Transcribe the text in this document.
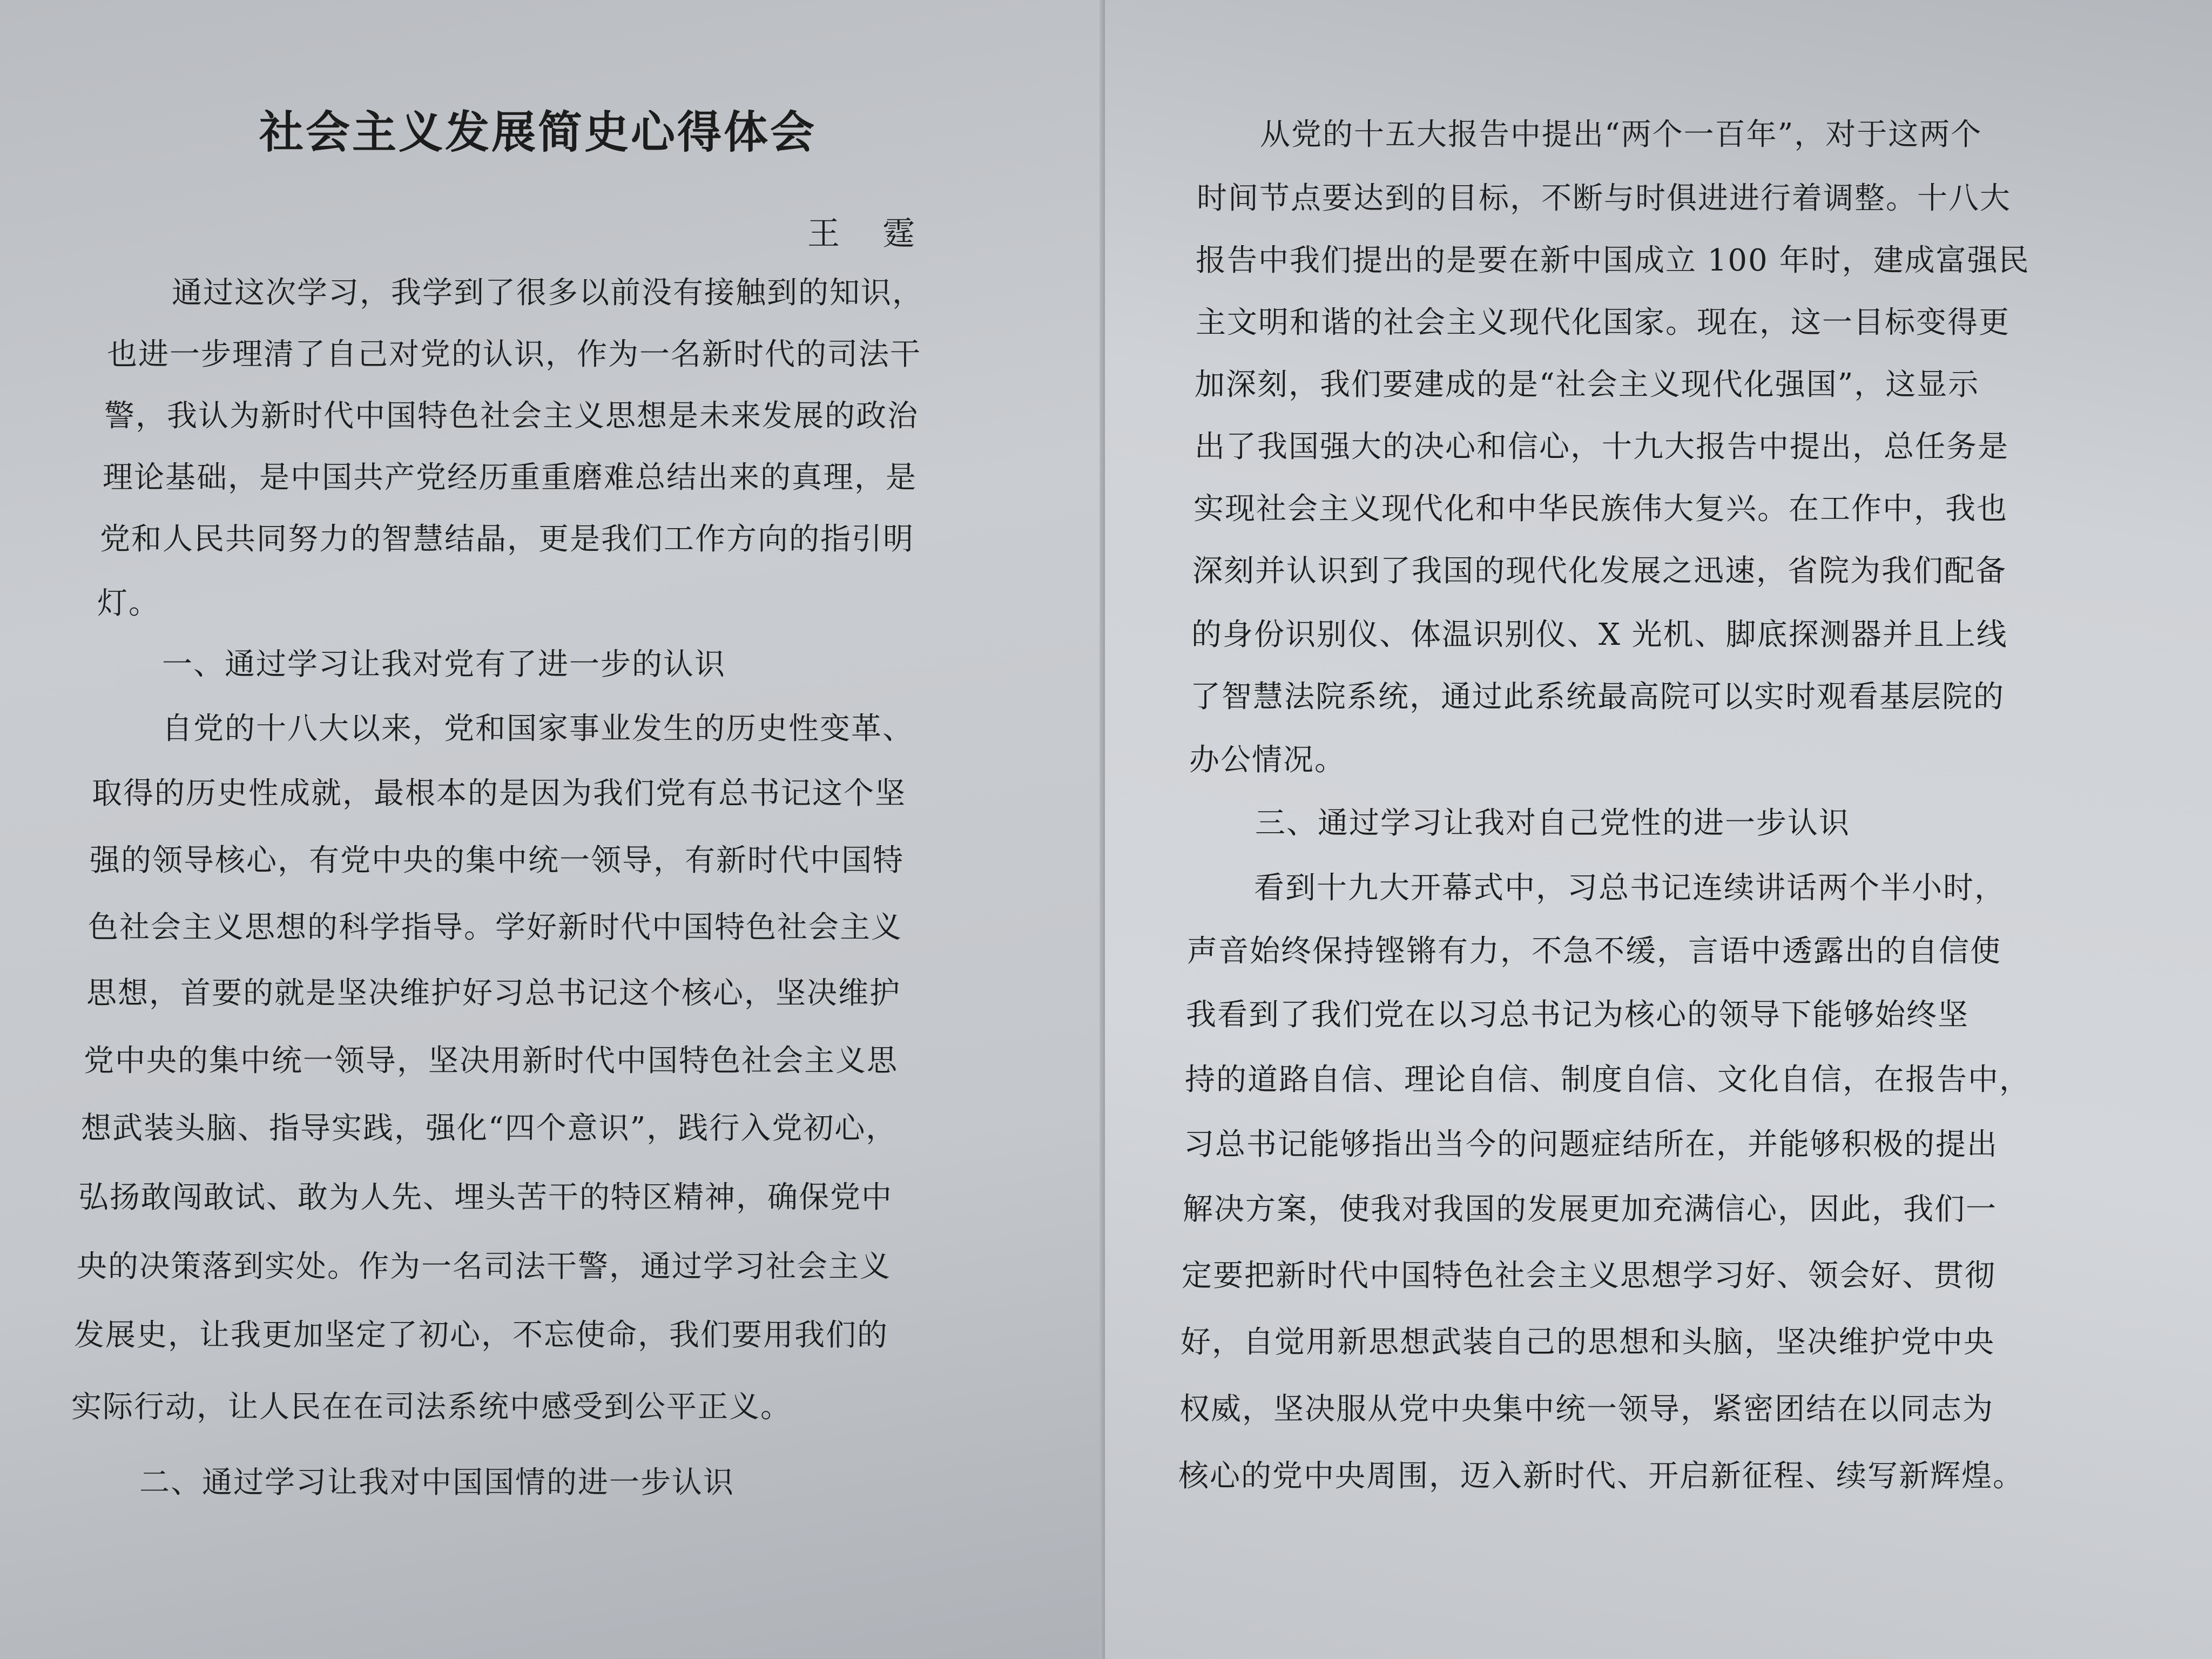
社会主义发展简史心得体会
王 霆
通过这次学习，我学到了很多以前没有接触到的知识，
也进一步理清了自己对党的认识，作为一名新时代的司法干
警，我认为新时代中国特色社会主义思想是未来发展的政治
理论基础，是中国共产党经历重重磨难总结出来的真理，是
党和人民共同努力的智慧结晶，更是我们工作方向的指引明
灯。
一、通过学习让我对党有了进一步的认识
自党的十八大以来，党和国家事业发生的历史性变革、
取得的历史性成就，最根本的是因为我们党有总书记这个坚
强的领导核心，有党中央的集中统一领导，有新时代中国特
色社会主义思想的科学指导。学好新时代中国特色社会主义
思想，首要的就是坚决维护好习总书记这个核心，坚决维护
党中央的集中统一领导，坚决用新时代中国特色社会主义思
想武装头脑、指导实践，强化“四个意识”，践行入党初心，
弘扬敢闯敢试、敢为人先、埋头苦干的特区精神，确保党中
央的决策落到实处。作为一名司法干警，通过学习社会主义
发展史，让我更加坚定了初心，不忘使命，我们要用我们的
实际行动，让人民在在司法系统中感受到公平正义。
二、通过学习让我对中国国情的进一步认识
从党的十五大报告中提出“两个一百年”，对于这两个
时间节点要达到的目标，不断与时俱进进行着调整。十八大
报告中我们提出的是要在新中国成立 100 年时，建成富强民
主文明和谐的社会主义现代化国家。现在，这一目标变得更
加深刻，我们要建成的是“社会主义现代化强国”，这显示
出了我国强大的决心和信心，十九大报告中提出，总任务是
实现社会主义现代化和中华民族伟大复兴。在工作中，我也
深刻并认识到了我国的现代化发展之迅速，省院为我们配备
的身份识别仪、体温识别仪、X 光机、脚底探测器并且上线
了智慧法院系统，通过此系统最高院可以实时观看基层院的
办公情况。
三、通过学习让我对自己党性的进一步认识
看到十九大开幕式中，习总书记连续讲话两个半小时，
声音始终保持铿锵有力，不急不缓，言语中透露出的自信使
我看到了我们党在以习总书记为核心的领导下能够始终坚
持的道路自信、理论自信、制度自信、文化自信，在报告中，
习总书记能够指出当今的问题症结所在，并能够积极的提出
解决方案，使我对我国的发展更加充满信心，因此，我们一
定要把新时代中国特色社会主义思想学习好、领会好、贯彻
好，自觉用新思想武装自己的思想和头脑，坚决维护党中央
权威，坚决服从党中央集中统一领导，紧密团结在以同志为
核心的党中央周围，迈入新时代、开启新征程、续写新辉煌。
